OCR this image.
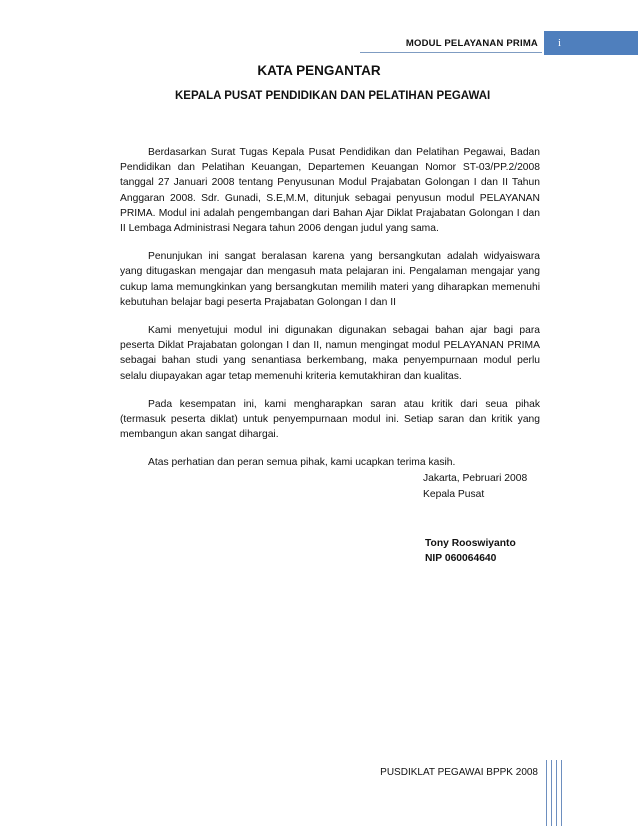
MODUL PELAYANAN PRIMA i
KATA PENGANTAR
KEPALA PUSAT PENDIDIKAN DAN PELATIHAN PEGAWAI

Berdasarkan Surat Tugas Kepala Pusat Pendidikan dan Pelatihan Pegawai, Badan Pendidikan dan Pelatihan Keuangan, Departemen Keuangan Nomor ST-03/PP.2/2008 tanggal 27 Januari 2008 tentang Penyusunan Modul Prajabatan Golongan I dan II Tahun Anggaran 2008. Sdr. Gunadi, S.E,M.M, ditunjuk sebagai penyusun modul PELAYANAN PRIMA. Modul ini adalah pengembangan dari Bahan Ajar Diklat Prajabatan Golongan I dan II Lembaga Administrasi Negara tahun 2006 dengan judul yang sama.

Penunjukan ini sangat beralasan karena yang bersangkutan adalah widyaiswara yang ditugaskan mengajar dan mengasuh mata pelajaran ini. Pengalaman mengajar yang cukup lama memungkinkan yang bersangkutan memilih materi yang diharapkan memenuhi kebutuhan belajar bagi peserta Prajabatan Golongan I dan II

Kami menyetujui modul ini digunakan digunakan sebagai bahan ajar bagi para peserta Diklat Prajabatan golongan I dan II, namun mengingat modul PELAYANAN PRIMA sebagai bahan studi yang senantiasa berkembang, maka penyempurnaan modul perlu selalu diupayakan agar tetap memenuhi kriteria kemutakhiran dan kualitas.

Pada kesempatan ini, kami mengharapkan saran atau kritik dari seua pihak (termasuk peserta diklat) untuk penyempurnaan modul ini. Setiap saran dan kritik yang membangun akan sangat dihargai.

Atas perhatian dan peran semua pihak, kami ucapkan terima kasih.

Jakarta, Pebruari 2008
Kepala Pusat
Tony Rooswiyanto
NIP 060064640
PUSDIKLAT PEGAWAI BPPK 2008
